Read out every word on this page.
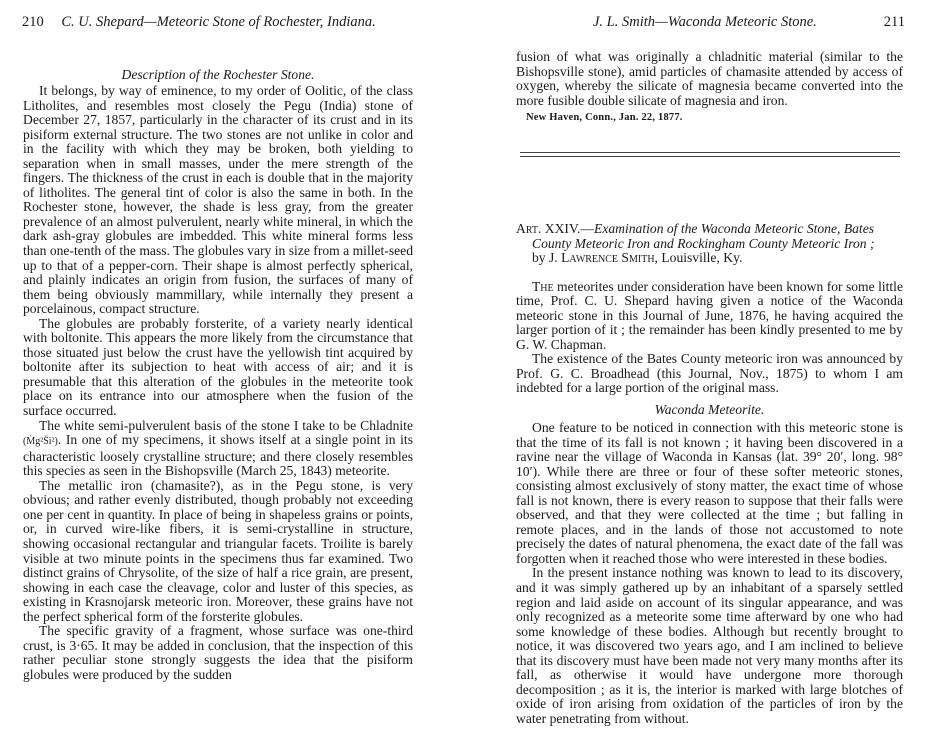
210 C. U. Shepard—Meteoric Stone of Rochester, Indiana.
Description of the Rochester Stone.

It belongs, by way of eminence, to my order of Oolitic, of the class Litholites, and resembles most closely the Pegu (India) stone of December 27, 1857, particularly in the character of its crust and in its pisiform external structure. The two stones are not unlike in color and in the facility with which they may be broken, both yielding to separation when in small masses, under the mere strength of the fingers. The thickness of the crust in each is double that in the majority of litholites. The general tint of color is also the same in both. In the Rochester stone, however, the shade is less gray, from the greater prevalence of an almost pulverulent, nearly white mineral, in which the dark ash-gray globules are imbedded. This white mineral forms less than one-tenth of the mass. The globules vary in size from a millet-seed up to that of a pepper-corn. Their shape is almost perfectly spherical, and plainly indicates an origin from fusion, the surfaces of many of them being obviously mammillary, while internally they present a porcelainous, compact structure.

The globules are probably forsterite, of a variety nearly identical with boltonite. This appears the more likely from the circumstance that those situated just below the crust have the yellowish tint acquired by boltonite after its subjection to heat with access of air; and it is presumable that this alteration of the globules in the meteorite took place on its entrance into our atmosphere when the fusion of the surface occurred.

The white semi-pulverulent basis of the stone I take to be Chladnite (Ṁg²S̈i²). In one of my specimens, it shows itself at a single point in its characteristic loosely crystalline structure; and there closely resembles this species as seen in the Bishopsville (March 25, 1843) meteorite.

The metallic iron (chamasite?), as in the Pegu stone, is very obvious; and rather evenly distributed, though probably not exceeding one per cent in quantity. In place of being in shapeless grains or points, or, in curved wire-like fibers, it is semi-crystalline in structure, showing occasional rectangular and triangular facets. Troilite is barely visible at two minute points in the specimens thus far examined. Two distinct grains of Chrysolite, of the size of half a rice grain, are present, showing in each case the cleavage, color and luster of this species, as existing in Krasnojarsk meteoric iron. Moreover, these grains have not the perfect spherical form of the forsterite globules.

The specific gravity of a fragment, whose surface was one-third crust, is 3·65. It may be added in conclusion, that the inspection of this rather peculiar stone strongly suggests the idea that the pisiform globules were produced by the sudden

J. L. Smith—Waconda Meteoric Stone.	211

fusion of what was originally a chladnitic material (similar to the Bishopsville stone), amid particles of chamasite attended by access of oxygen, whereby the silicate of magnesia became converted into the more fusible double silicate of magnesia and iron.

New Haven, Conn., Jan. 22, 1877.

Art. XXIV.—Examination of the Waconda Meteoric Stone, Bates County Meteoric Iron and Rockingham County Meteoric Iron ;
by J. Lawrence Smith, Louisville, Ky.

The meteorites under consideration have been known for some little time, Prof. C. U. Shepard having given a notice of the Waconda meteoric stone in this Journal of June, 1876, he having acquired the larger portion of it ; the remainder has been kindly presented to me by G. W. Chapman.

The existence of the Bates County meteoric iron was announced by Prof. G. C. Broadhead (this Journal, Nov., 1875) to whom I am indebted for a large portion of the original mass.

Waconda Meteorite.

One feature to be noticed in connection with this meteoric stone is that the time of its fall is not known ; it having been discovered in a ravine near the village of Waconda in Kansas (lat. 39° 20′, long. 98° 10′). While there are three or four of these softer meteoric stones, consisting almost exclusively of stony matter, the exact time of whose fall is not known, there is every reason to suppose that their falls were observed, and that they were collected at the time ; but falling in remote places, and in the lands of those not accustomed to note precisely the dates of natural phenomena, the exact date of the fall was forgotten when it reached those who were interested in these bodies.

In the present instance nothing was known to lead to its discovery, and it was simply gathered up by an inhabitant of a sparsely settled region and laid aside on account of its singular appearance, and was only recognized as a meteorite some time afterward by one who had some knowledge of these bodies. Although but recently brought to notice, it was discovered two years ago, and I am inclined to believe that its discovery must have been made not very many months after its fall, as otherwise it would have undergone more thorough decomposition ; as it is, the interior is marked with large blotches of oxide of iron arising from oxidation of the particles of iron by the water penetrating from without.
